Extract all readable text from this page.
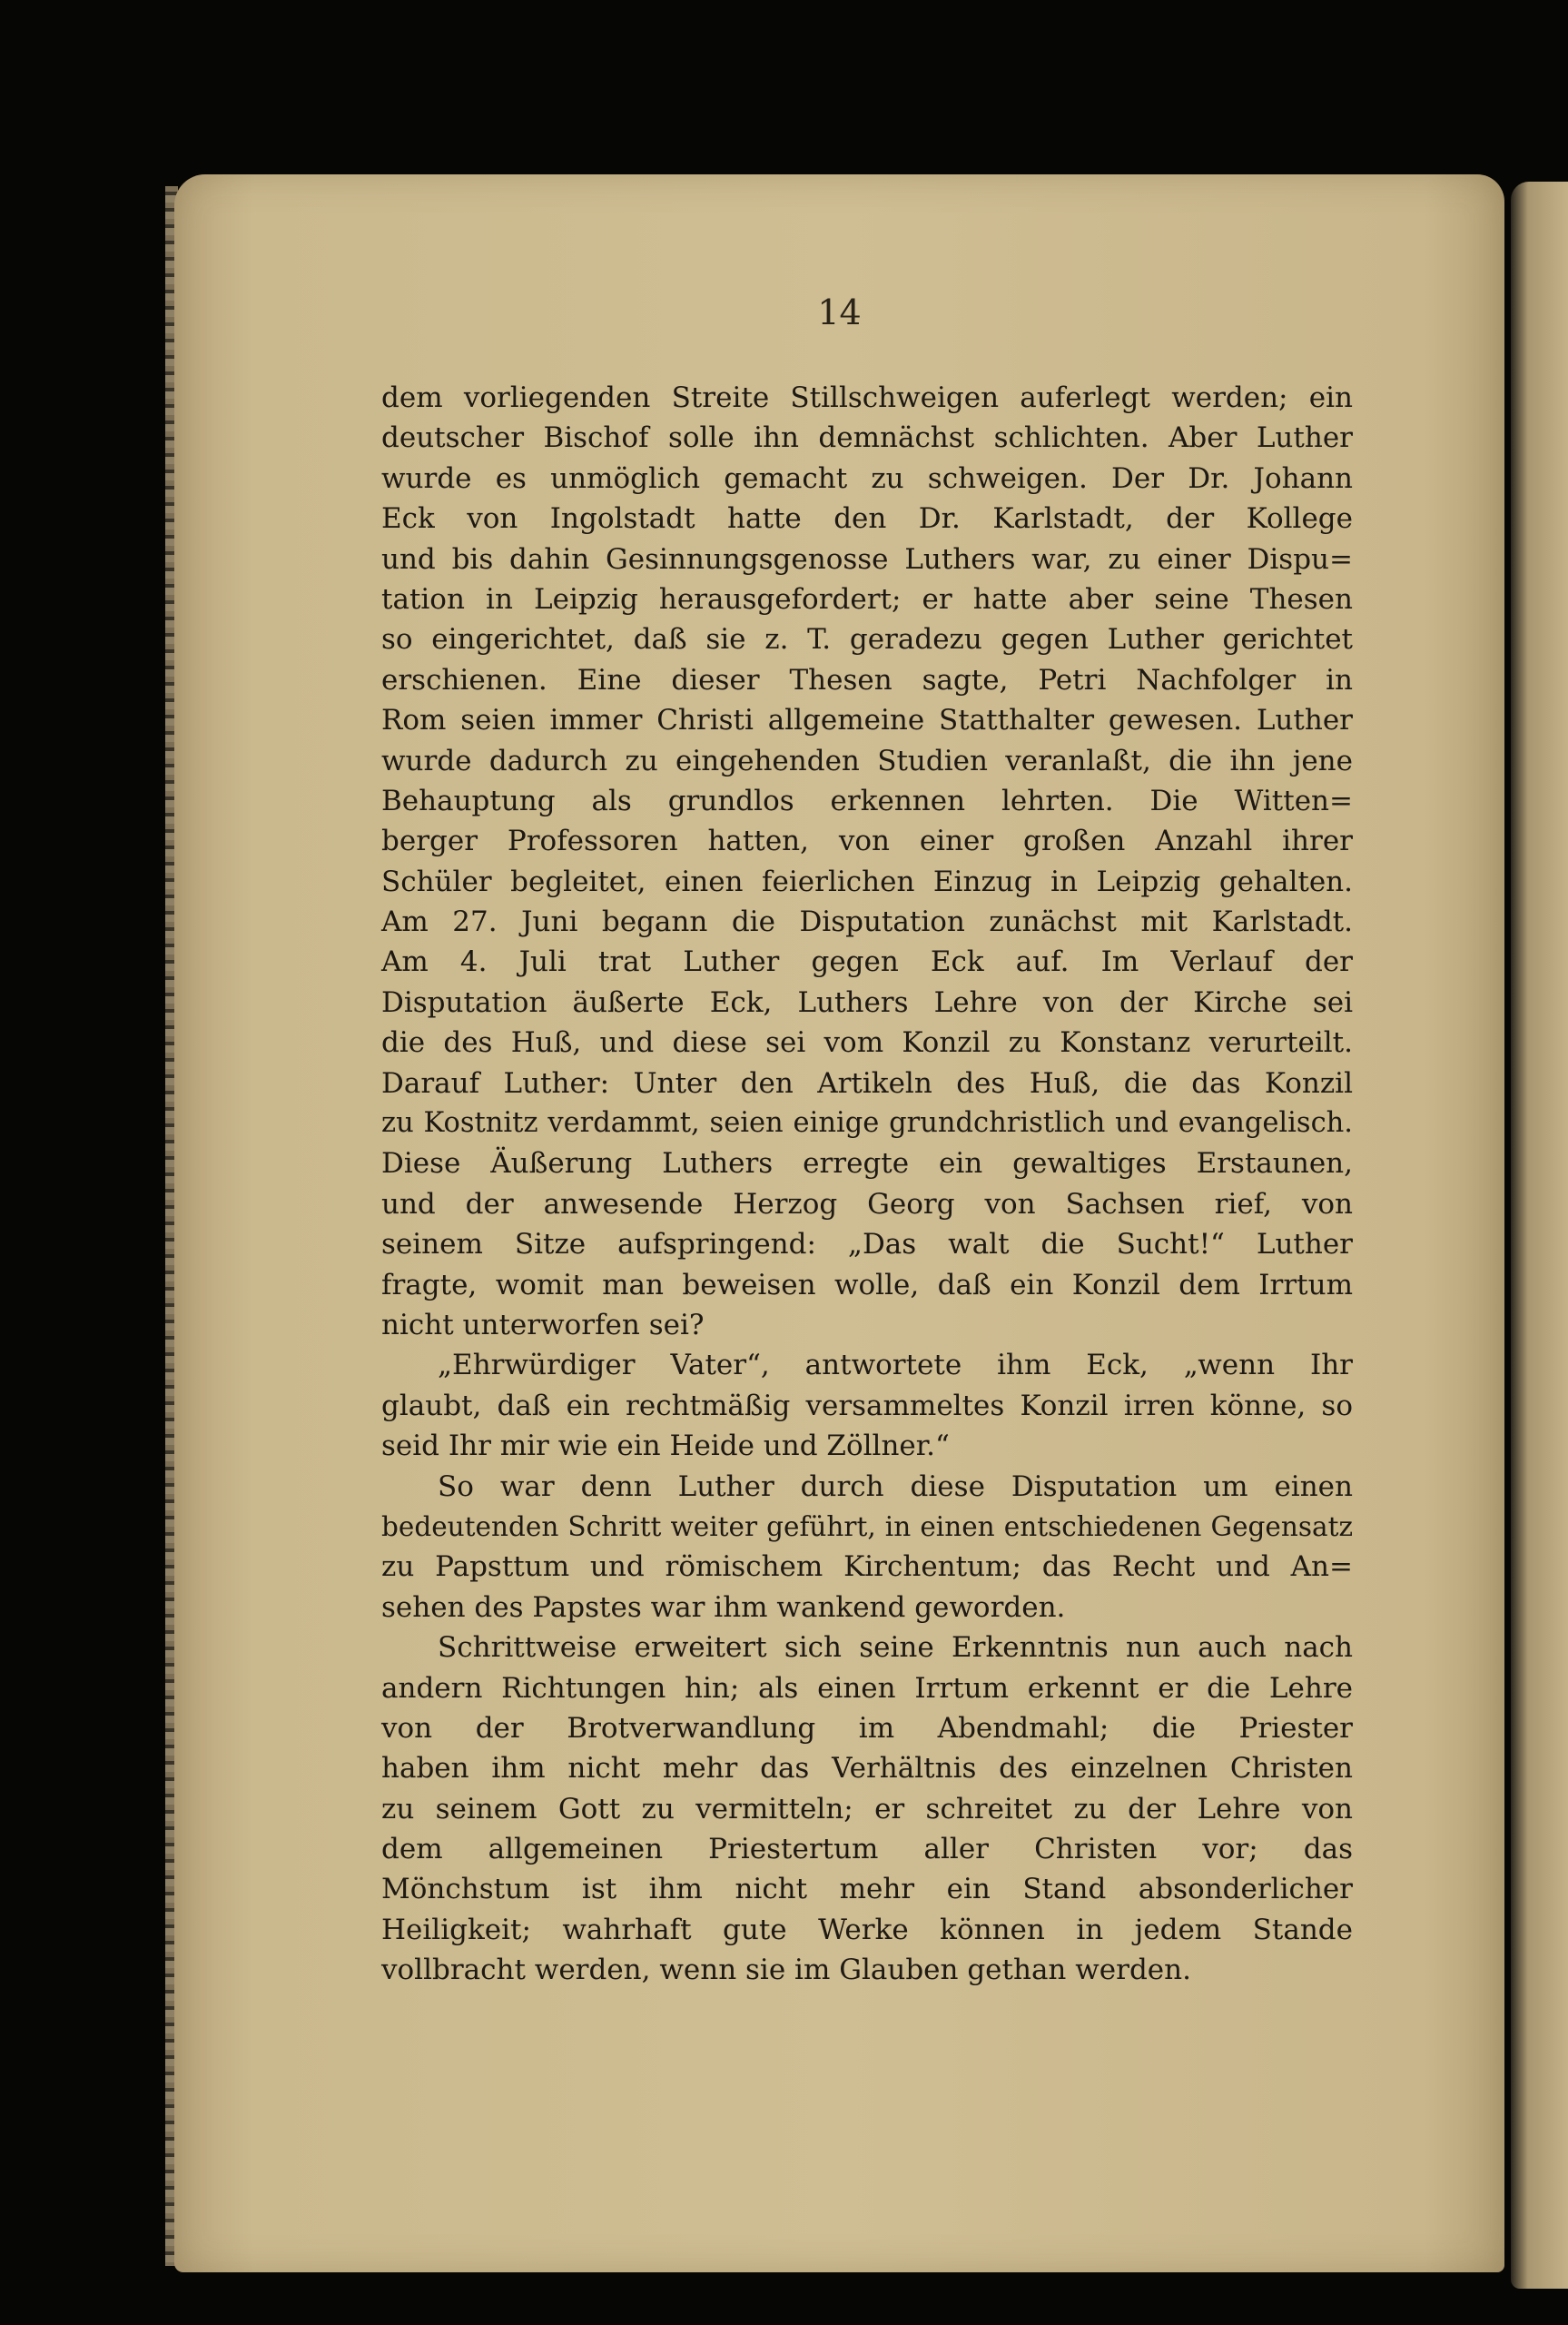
14
dem vorliegenden Streite Stillschweigen auferlegt werden; ein
deutscher Bischof solle ihn demnächst schlichten. Aber Luther
wurde es unmöglich gemacht zu schweigen. Der Dr. Johann
Eck von Ingolstadt hatte den Dr. Karlstadt, der Kollege
und bis dahin Gesinnungsgenosse Luthers war, zu einer Dispu=
tation in Leipzig herausgefordert; er hatte aber seine Thesen
so eingerichtet, daß sie z. T. geradezu gegen Luther gerichtet
erschienen. Eine dieser Thesen sagte, Petri Nachfolger in
Rom seien immer Christi allgemeine Statthalter gewesen. Luther
wurde dadurch zu eingehenden Studien veranlaßt, die ihn jene
Behauptung als grundlos erkennen lehrten. Die Witten=
berger Professoren hatten, von einer großen Anzahl ihrer
Schüler begleitet, einen feierlichen Einzug in Leipzig gehalten.
Am 27. Juni begann die Disputation zunächst mit Karlstadt.
Am 4. Juli trat Luther gegen Eck auf. Im Verlauf der
Disputation äußerte Eck, Luthers Lehre von der Kirche sei
die des Huß, und diese sei vom Konzil zu Konstanz verurteilt.
Darauf Luther: Unter den Artikeln des Huß, die das Konzil
zu Kostnitz verdammt, seien einige grundchristlich und evangelisch.
Diese Äußerung Luthers erregte ein gewaltiges Erstaunen,
und der anwesende Herzog Georg von Sachsen rief, von
seinem Sitze aufspringend: „Das walt die Sucht!“ Luther
fragte, womit man beweisen wolle, daß ein Konzil dem Irrtum
nicht unterworfen sei?
„Ehrwürdiger Vater“, antwortete ihm Eck, „wenn Ihr
glaubt, daß ein rechtmäßig versammeltes Konzil irren könne, so
seid Ihr mir wie ein Heide und Zöllner.“
So war denn Luther durch diese Disputation um einen
bedeutenden Schritt weiter geführt, in einen entschiedenen Gegensatz
zu Papsttum und römischem Kirchentum; das Recht und An=
sehen des Papstes war ihm wankend geworden.
Schrittweise erweitert sich seine Erkenntnis nun auch nach
andern Richtungen hin; als einen Irrtum erkennt er die Lehre
von der Brotverwandlung im Abendmahl; die Priester
haben ihm nicht mehr das Verhältnis des einzelnen Christen
zu seinem Gott zu vermitteln; er schreitet zu der Lehre von
dem allgemeinen Priestertum aller Christen vor; das
Mönchstum ist ihm nicht mehr ein Stand absonderlicher
Heiligkeit; wahrhaft gute Werke können in jedem Stande
vollbracht werden, wenn sie im Glauben gethan werden.
